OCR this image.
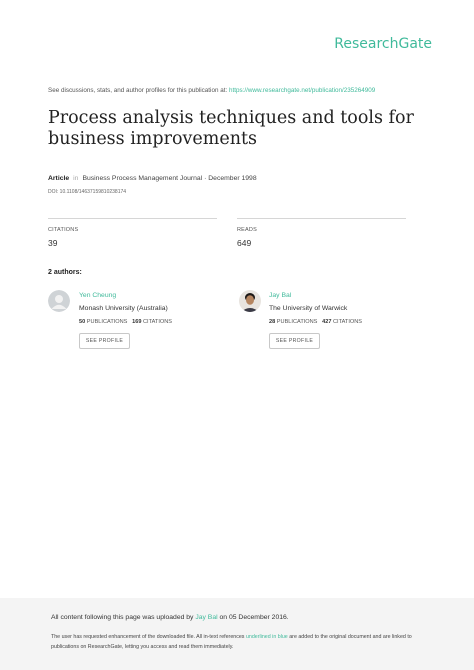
ResearchGate
See discussions, stats, and author profiles for this publication at: https://www.researchgate.net/publication/235264909
Process analysis techniques and tools for business improvements
Article in Business Process Management Journal · December 1998
DOI: 10.1108/14637159810238174
CITATIONS
39
READS
649
2 authors:
Yen Cheung
Monash University (Australia)
50 PUBLICATIONS 169 CITATIONS
SEE PROFILE
Jay Bal
The University of Warwick
28 PUBLICATIONS 427 CITATIONS
SEE PROFILE
All content following this page was uploaded by Jay Bal on 05 December 2016.
The user has requested enhancement of the downloaded file. All in-text references underlined in blue are added to the original document and are linked to publications on ResearchGate, letting you access and read them immediately.
